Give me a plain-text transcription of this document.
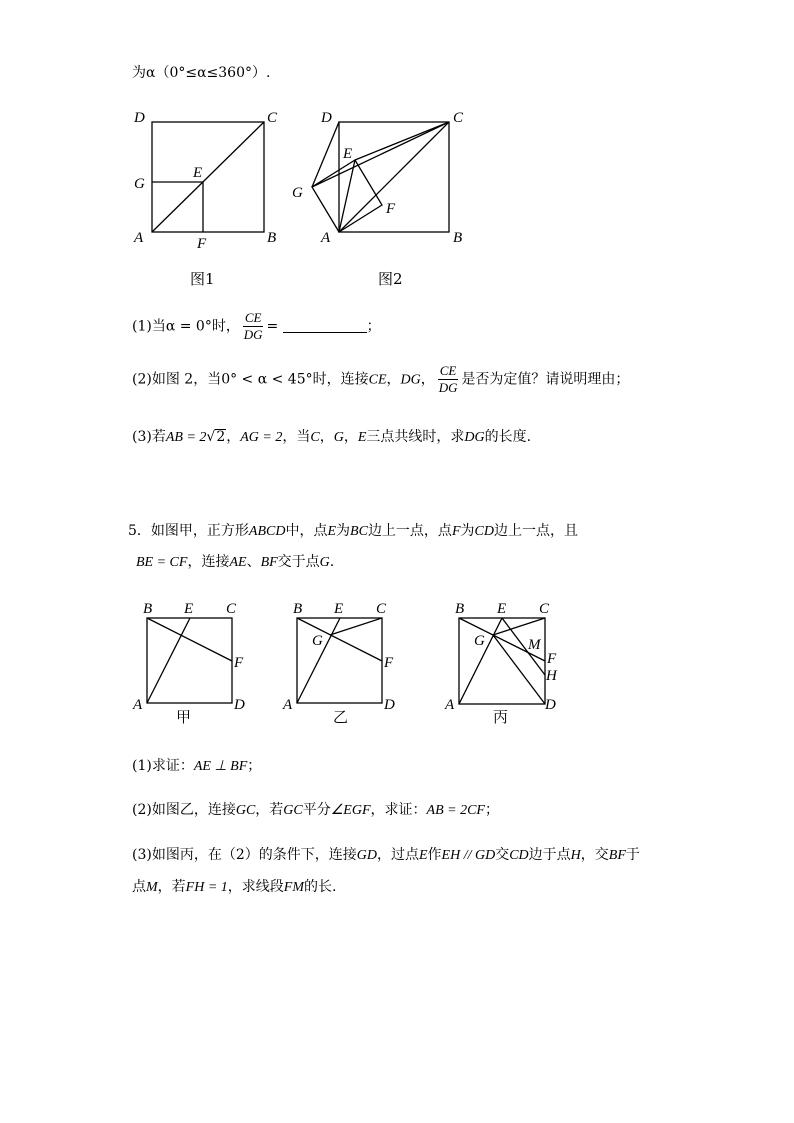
为α（0°≤α≤360°）.
D	C
G
E
A	F	B
图1
D	C
E
G
F
A	B
图2
(1)当α = 0°时， $\frac{CE}{DG}$ =	；
(2)如图 2，当0° < α < 45°时，连接CE，DG， $\frac{CE}{DG}$ 是否为定值？请说明理由；
(3)若AB = 2√2，AG = 2，当C，G，E三点共线时，求DG的长度.
5．如图甲，正方形ABCD中，点E为BC边上一点，点F为CD边上一点，且
BE = CF，连接AE、BF交于点G.
B E C
F
A	D
甲
B E C
G
F
A	D
乙
B E C
G	M
F
H
A	D
丙
(1)求证：AE ⊥ BF；
(2)如图乙，连接GC，若GC平分∠EGF，求证：AB = 2CF；
(3)如图丙，在（2）的条件下，连接GD，过点E作EH // GD交CD边于点H，交BF于
点M，若FH = 1，求线段FM的长.
